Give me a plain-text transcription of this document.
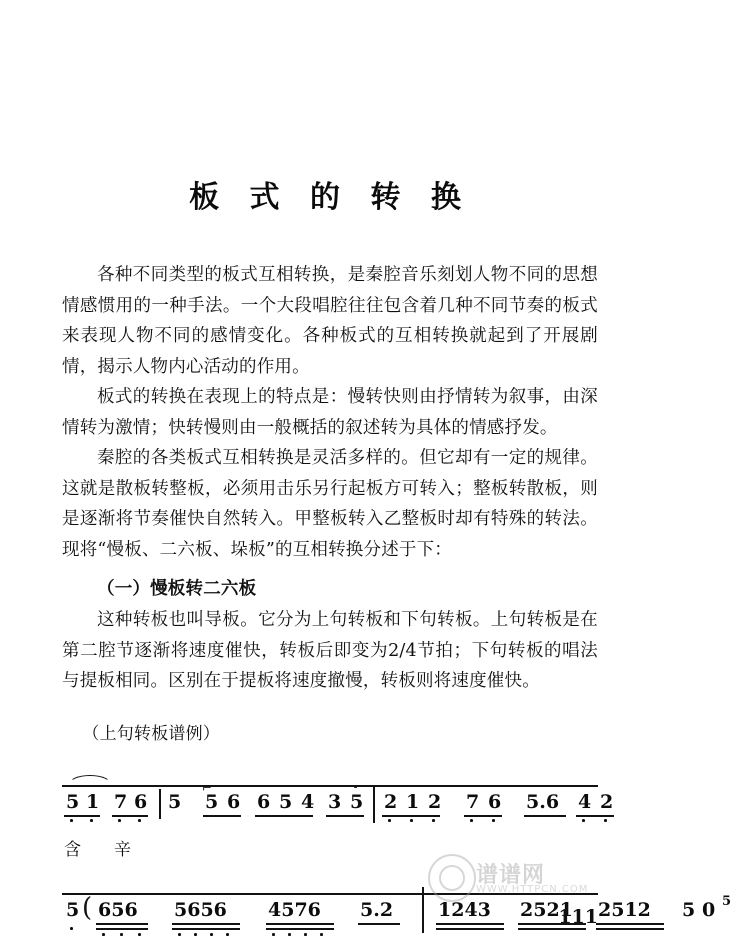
板 式 的 转 换

各种不同类型的板式互相转换，是秦腔音乐刻划人物不同的思想情感惯用的一种手法。一个大段唱腔往往包含着几种不同节奏的板式来表现人物不同的感情变化。各种板式的互相转换就起到了开展剧情，揭示人物内心活动的作用。

板式的转换在表现上的特点是：慢转快则由抒情转为叙事，由深情转为激情；快转慢则由一般概括的叙述转为具体的情感抒发。

秦腔的各类板式互相转换是灵活多样的。但它却有一定的规律。这就是散板转整板，必须用击乐另行起板方可转入；整板转散板，则是逐渐将节奏催快自然转入。甲整板转入乙整板时却有特殊的转法。现将“慢板、二六板、垛板”的互相转换分述于下：

（一）慢板转二六板

这种转板也叫导板。它分为上句转板和下句转板。上句转板是在第二腔节逐渐将速度催快，转板后即变为2/4节拍；下句转板的唱法与提板相同。区别在于提板将速度撤慢，转板则将速度催快。

（上句转板谱例）

5 1 7 6 5
⌐
5 6 6 5 4 3 5 2 1 2 7 6 5.6 4 2
含 辛
5 ( 656 5656 4576 5.2 1243 2521 2512 5 0 5
谱谱网
WWW.HTTPCN.COM
111
